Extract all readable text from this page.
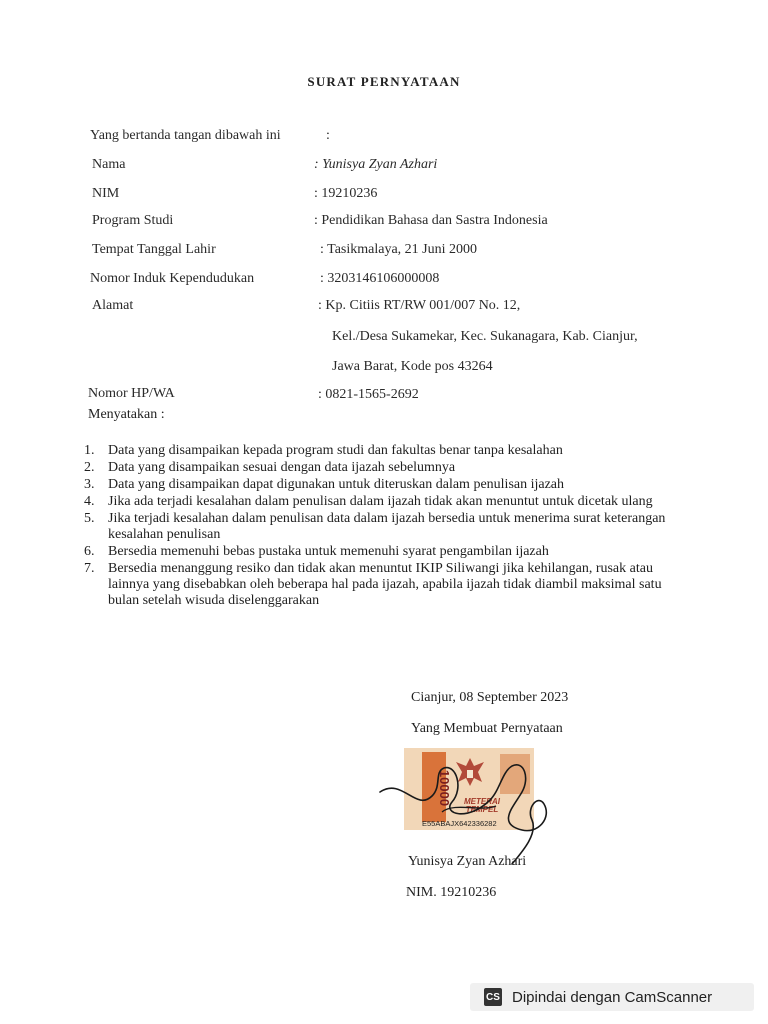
SURAT PERNYATAAN
Yang bertanda tangan dibawah ini	:
Nama	: Yunisya Zyan Azhari
NIM	: 19210236
Program Studi	: Pendidikan Bahasa dan Sastra Indonesia
Tempat Tanggal Lahir	: Tasikmalaya, 21 Juni 2000
Nomor Induk Kependudukan	: 3203146106000008
Alamat	: Kp. Citiis RT/RW 001/007 No. 12,
Kel./Desa Sukamekar, Kec. Sukanagara, Kab. Cianjur,
Jawa Barat, Kode pos 43264
Nomor HP/WA	: 0821-1565-2692
Menyatakan :
1. Data yang disampaikan kepada program studi dan fakultas benar tanpa kesalahan
2. Data yang disampaikan sesuai dengan data ijazah sebelumnya
3. Data yang disampaikan dapat digunakan untuk diteruskan dalam penulisan ijazah
4. Jika ada terjadi kesalahan dalam penulisan dalam ijazah tidak akan menuntut untuk dicetak ulang
5. Jika terjadi kesalahan dalam penulisan data dalam ijazah bersedia untuk menerima surat keterangan kesalahan penulisan
6. Bersedia memenuhi bebas pustaka untuk memenuhi syarat pengambilan ijazah
7. Bersedia menanggung resiko dan tidak akan menuntut IKIP Siliwangi jika kehilangan, rusak atau lainnya yang disebabkan oleh beberapa hal pada ijazah, apabila ijazah tidak diambil maksimal satu bulan setelah wisuda diselenggarakan
Cianjur, 08 September 2023
Yang Membuat Pernyataan
10000 METERAI
TEMPEL
E55ABAJX642336282
Yunisya Zyan Azhari
NIM. 19210236
CS Dipindai dengan CamScanner
